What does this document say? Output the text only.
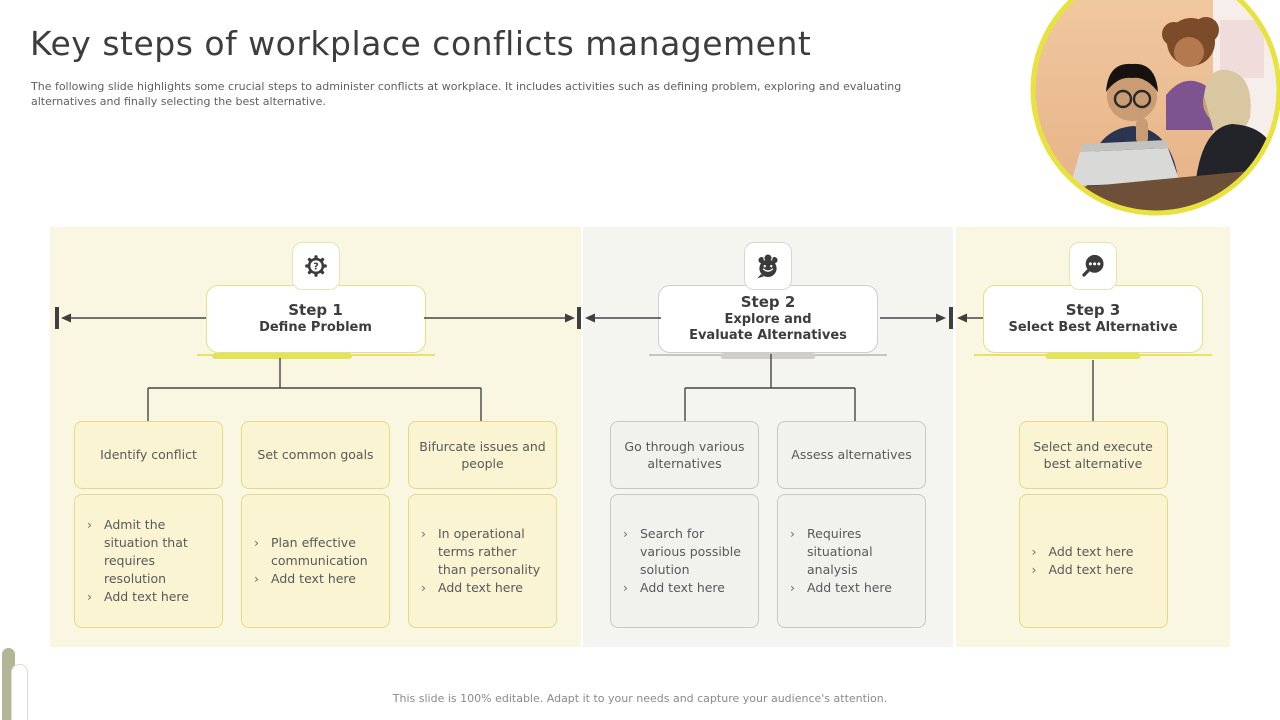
Key steps of workplace conflicts management

The following slide highlights some crucial steps to administer conflicts at workplace. It includes activities such as defining problem, exploring and evaluating alternatives and finally selecting the best alternative.

?
Step 1
Define Problem
Identify conflict	Set common goals
Bifurcate issues and people
› Admit the situation that requires resolution
› Add text here
› Plan effective communication
› Add text here
› In operational terms rather than personality
› Add text here
Step 2
Explore and
Evaluate Alternatives
Go through various alternatives
Assess alternatives
› Search for various possible solution
› Add text here
› Requires situational analysis
› Add text here
Step 3
Select Best Alternative
Select and execute best alternative
› Add text here
› Add text here

This slide is 100% editable. Adapt it to your needs and capture your audience's attention.
